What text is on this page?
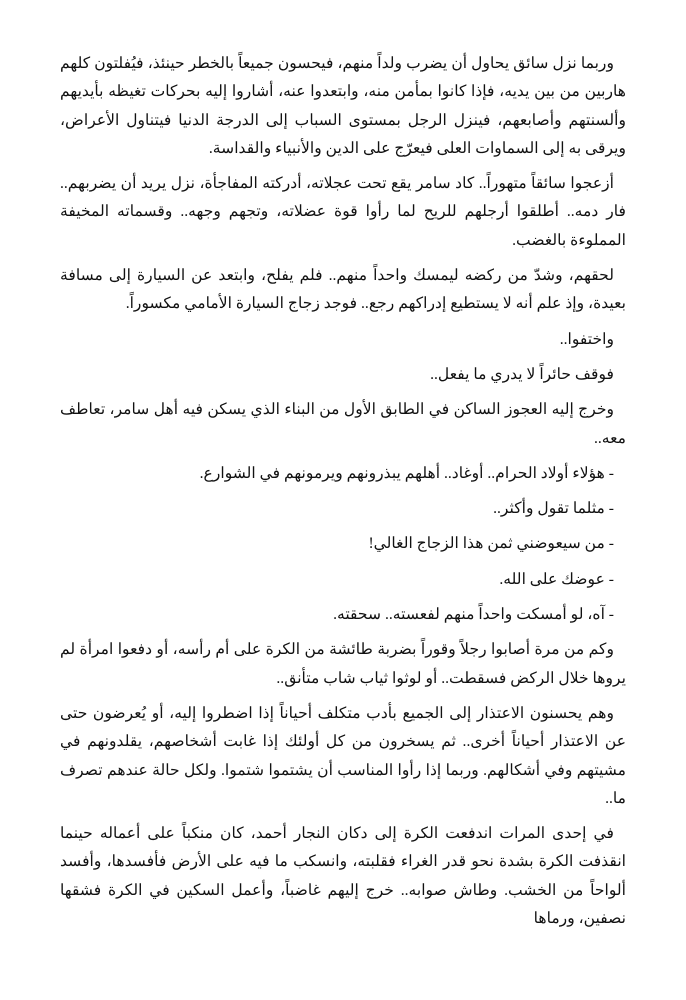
وربما نزل سائق يحاول أن يضرب ولداً منهم، فيحسون جميعاً بالخطر حينئذ، فيُفلتون كلهم هاربين من بين يديه، فإذا كانوا بمأمن منه، وابتعدوا عنه، أشاروا إليه بحركات تغيظه بأيديهم وألسنتهم وأصابعهم، فينزل الرجل بمستوى السباب إلى الدرجة الدنيا فيتناول الأعراض، ويرقى به إلى السماوات العلى فيعرّج على الدين والأنبياء والقداسة.

أزعجوا سائقاً متهوراً.. كاد سامر يقع تحت عجلاته، أدركته المفاجأة، نزل يريد أن يضربهم.. فار دمه.. أطلقوا أرجلهم للريح لما رأوا قوة عضلاته، وتجهم وجهه.. وقسماته المخيفة المملوءة بالغضب.

لحقهم، وشدّ من ركضه ليمسك واحداً منهم.. فلم يفلح، وابتعد عن السيارة إلى مسافة بعيدة، وإذ علم أنه لا يستطيع إدراكهم رجع.. فوجد زجاج السيارة الأمامي مكسوراً.

واختفوا..

فوقف حائراً لا يدري ما يفعل..

وخرج إليه العجوز الساكن في الطابق الأول من البناء الذي يسكن فيه أهل سامر، تعاطف معه..

- هؤلاء أولاد الحرام.. أوغاد.. أهلهم يبذرونهم ويرمونهم في الشوارع.

- مثلما تقول وأكثر..

- من سيعوضني ثمن هذا الزجاج الغالي!

- عوضك على الله.

- آه، لو أمسكت واحداً منهم لفعسته.. سحقته.

وكم من مرة أصابوا رجلاً وقوراً بضربة طائشة من الكرة على أم رأسه، أو دفعوا امرأة لم يروها خلال الركض فسقطت.. أو لوثوا ثياب شاب متأنق..

وهم يحسنون الاعتذار إلى الجميع بأدب متكلف أحياناً إذا اضطروا إليه، أو يُعرضون حتى عن الاعتذار أحياناً أخرى.. ثم يسخرون من كل أولئك إذا غابت أشخاصهم، يقلدونهم في مشيتهم وفي أشكالهم. وربما إذا رأوا المناسب أن يشتموا شتموا. ولكل حالة عندهم تصرف ما..

في إحدى المرات اندفعت الكرة إلى دكان النجار أحمد، كان منكباً على أعماله حينما انقذفت الكرة بشدة نحو قدر الغراء فقلبته، وانسكب ما فيه على الأرض فأفسدها، وأفسد ألواحاً من الخشب. وطاش صوابه.. خرج إليهم غاضباً، وأعمل السكين في الكرة فشقها نصفين، ورماها
